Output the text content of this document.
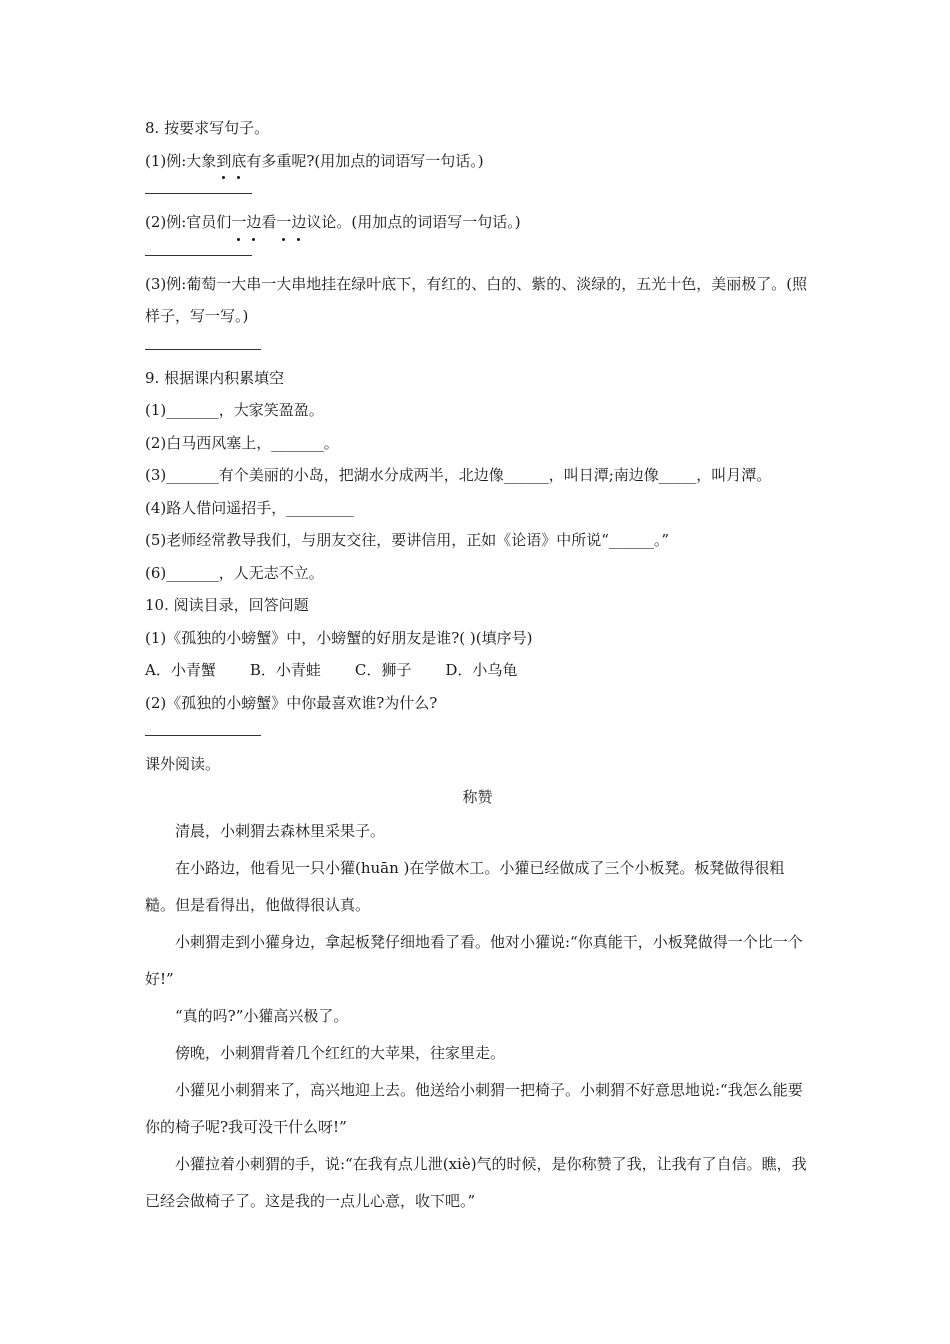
8. 按要求写句子。
(1)例:大象到底有多重呢?(用加点的词语写一句话。)
(2)例:官员们一边看一边议论。(用加点的词语写一句话。)
(3)例:葡萄一大串一大串地挂在绿叶底下，有红的、白的、紫的、淡绿的，五光十色，美丽极了。(照样子，写一写。)
9. 根据课内积累填空
(1)_______，大家笑盈盈。
(2)白马西风塞上，_______。
(3)_______有个美丽的小岛，把湖水分成两半，北边像______，叫日潭;南边像_____，叫月潭。
(4)路人借问遥招手，_________
(5)老师经常教导我们，与朋友交往，要讲信用，正如《论语》中所说“______。”
(6)_______，人无志不立。
10. 阅读目录，回答问题
(1)《孤独的小螃蟹》中，小螃蟹的好朋友是谁?( )(填序号)
A．小青蟹 B．小青蛙 C．狮子 D．小乌龟
(2)《孤独的小螃蟹》中你最喜欢谁?为什么?
课外阅读。
称赞
清晨，小刺猬去森林里采果子。
在小路边，他看见一只小獾(huān )在学做木工。小獾已经做成了三个小板凳。板凳做得很粗糙。但是看得出，他做得很认真。
小刺猬走到小獾身边，拿起板凳仔细地看了看。他对小獾说:“你真能干，小板凳做得一个比一个好!”
“真的吗?”小獾高兴极了。
傍晚，小刺猬背着几个红红的大苹果，往家里走。
小獾见小刺猬来了，高兴地迎上去。他送给小刺猬一把椅子。小刺猬不好意思地说:“我怎么能要你的椅子呢?我可没干什么呀!”
小獾拉着小刺猬的手，说:“在我有点儿泄(xiè)气的时候，是你称赞了我，让我有了自信。瞧，我已经会做椅子了。这是我的一点儿心意，收下吧。”
